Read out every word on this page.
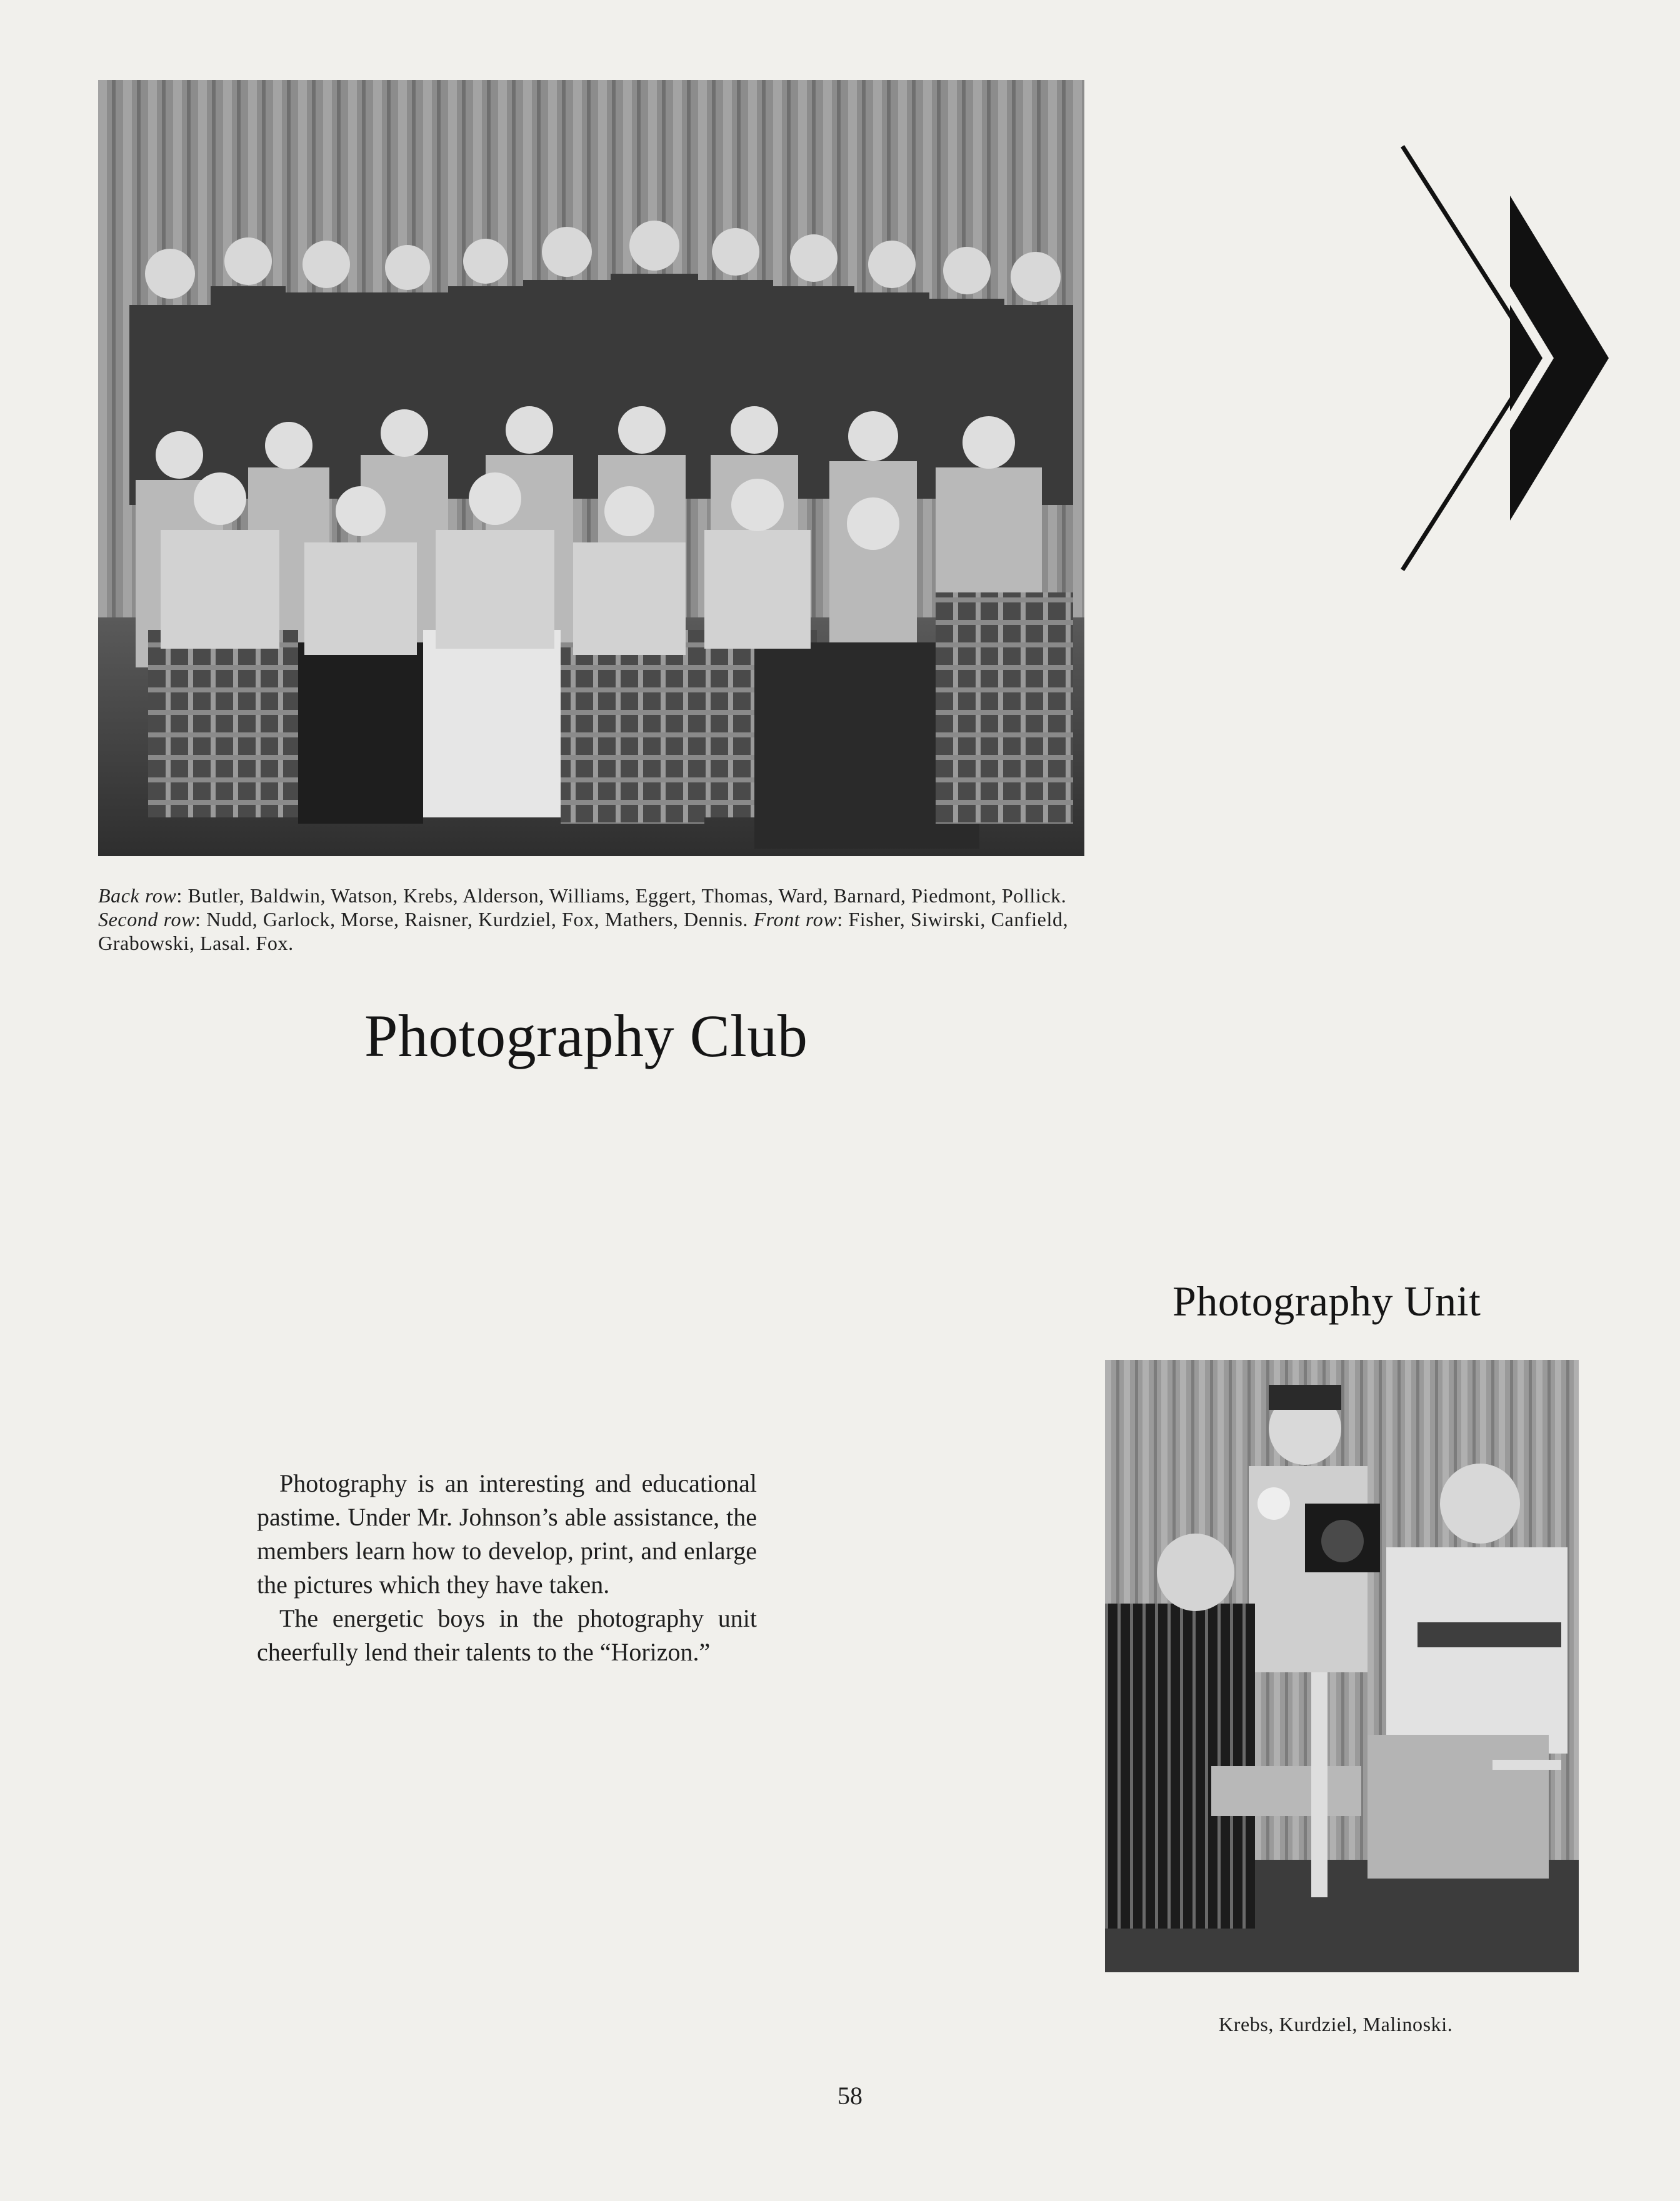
Back row: Butler, Baldwin, Watson, Krebs, Alderson, Williams, Eggert, Thomas, Ward, Barnard, Piedmont, Pollick. Second row: Nudd, Garlock, Morse, Raisner, Kurdziel, Fox, Mathers, Dennis. Front row: Fisher, Siwirski, Canfield, Grabowski, Lasal. Fox.
Photography Club
Photography Unit

Photography is an interesting and educational pastime. Under Mr. Johnson’s able assistance, the members learn how to develop, print, and enlarge the pictures which they have taken.

The energetic boys in the photography unit cheerfully lend their talents to the “Horizon.”

Krebs, Kurdziel, Malinoski.
58
